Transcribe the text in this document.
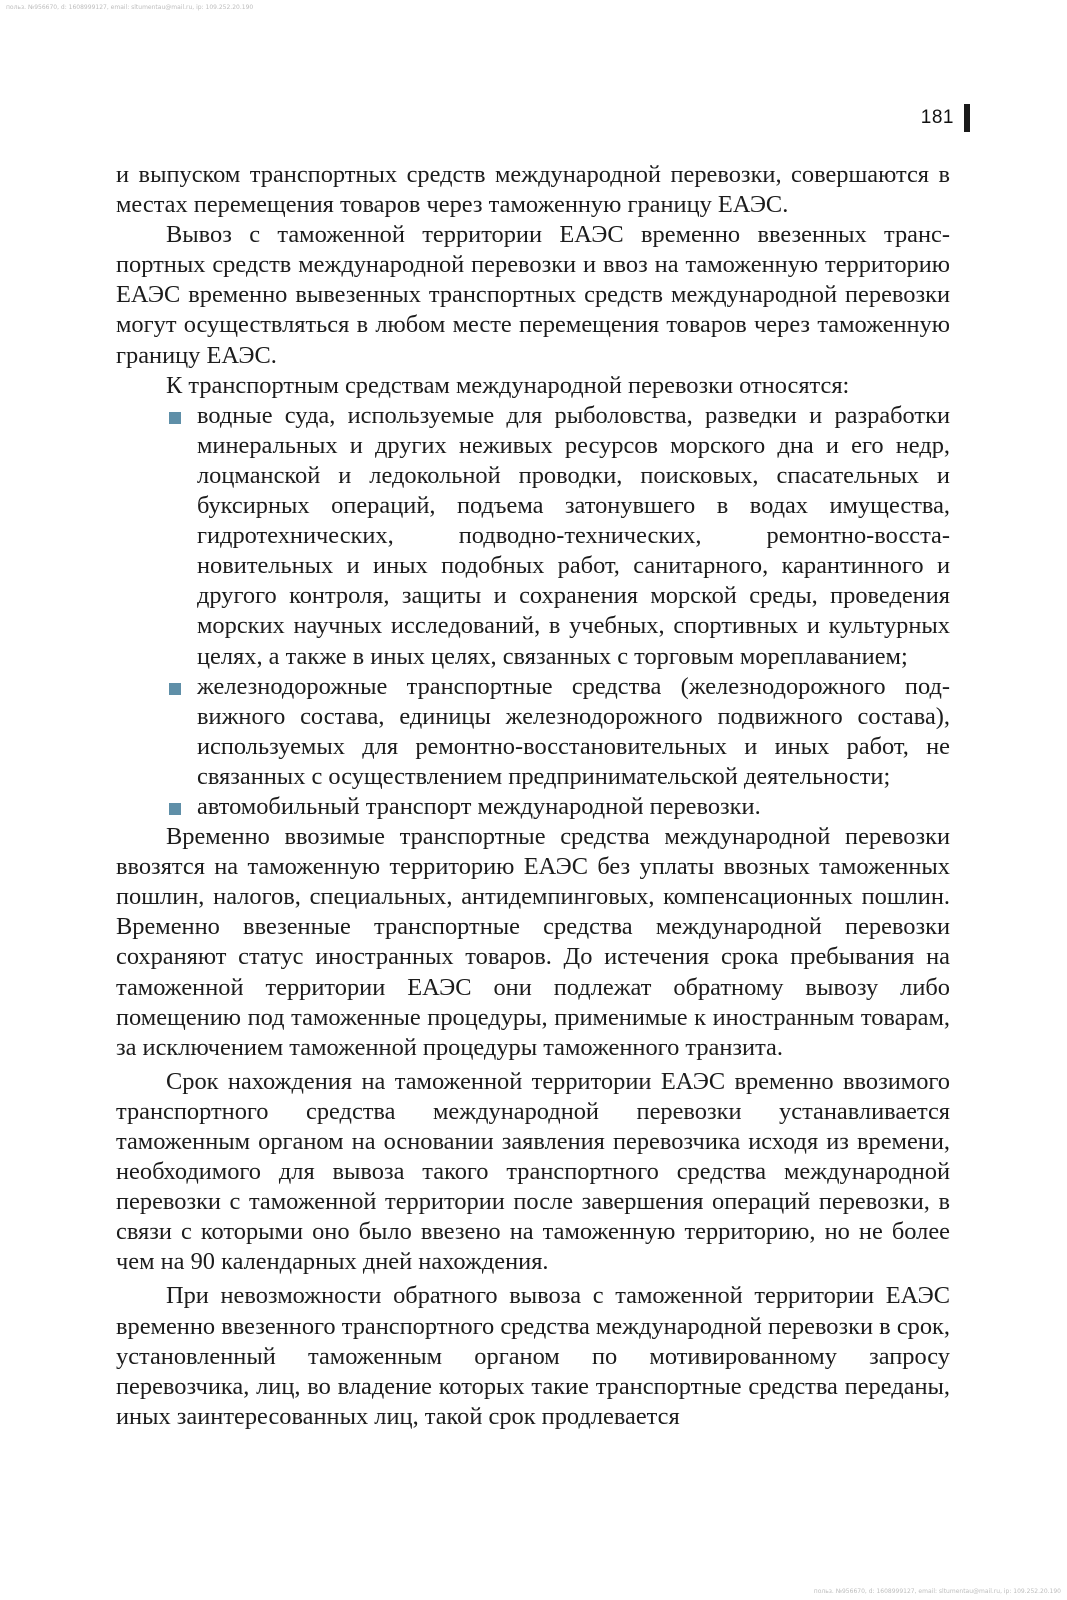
польз. №956670, d: 1608999127, email: sltumentau@mail.ru, ip: 109.252.20.190
181

и выпуском транспортных средств международной перевозки, совершаются в местах перемещения товаров через таможенную границу ЕАЭС.

Вывоз с таможенной территории ЕАЭС временно ввезенных транспортных средств международной перевозки и ввоз на таможенную территорию ЕАЭС временно вывезенных транспортных средств международной перевозки могут осуществляться в любом месте перемещения товаров через таможенную границу ЕАЭС.

К транспортным средствам международной перевозки относятся:

водные суда, используемые для рыболовства, разведки и разработки минеральных и других неживых ресурсов морского дна и его недр, лоцманской и ледокольной проводки, поисковых, спасательных и буксирных операций, подъема затонувшего в водах имущества, гидротехнических, подводно-технических, ремонтно-восстановительных и иных подобных работ, санитарного, карантинного и другого контроля, защиты и сохранения морской среды, проведения морских научных исследований, в учебных, спортивных и культурных целях, а также в иных целях, связанных с торговым мореплаванием;
железнодорожные транспортные средства (железнодорожного подвижного состава, единицы железнодорожного подвижного состава), используемых для ремонтно-восстановительных и иных работ, не связанных с осуществлением предпринимательской деятельности;
автомобильный транспорт международной перевозки.

Временно ввозимые транспортные средства международной перевозки ввозятся на таможенную территорию ЕАЭС без уплаты ввозных таможенных пошлин, налогов, специальных, антидемпинговых, компенсационных пошлин. Временно ввезенные транспортные средства международной перевозки сохраняют статус иностранных товаров. До истечения срока пребывания на таможенной территории ЕАЭС они подлежат обратному вывозу либо помещению под таможенные процедуры, применимые к иностранным товарам, за исключением таможенной процедуры таможенного транзита.

Срок нахождения на таможенной территории ЕАЭС временно ввозимого транспортного средства международной перевозки устанавливается таможенным органом на основании заявления перевозчика исходя из времени, необходимого для вывоза такого транспортного средства международной перевозки с таможенной территории после завершения операций перевозки, в связи с которыми оно было ввезено на таможенную территорию, но не более чем на 90 календарных дней нахождения.

При невозможности обратного вывоза с таможенной территории ЕАЭС временно ввезенного транспортного средства международной перевозки в срок, установленный таможенным органом по мотивированному запросу перевозчика, лиц, во владение которых такие транспортные средства переданы, иных заинтересованных лиц, такой срок продлевается

польз. №956670, d: 1608999127, email: sltumentau@mail.ru, ip: 109.252.20.190
